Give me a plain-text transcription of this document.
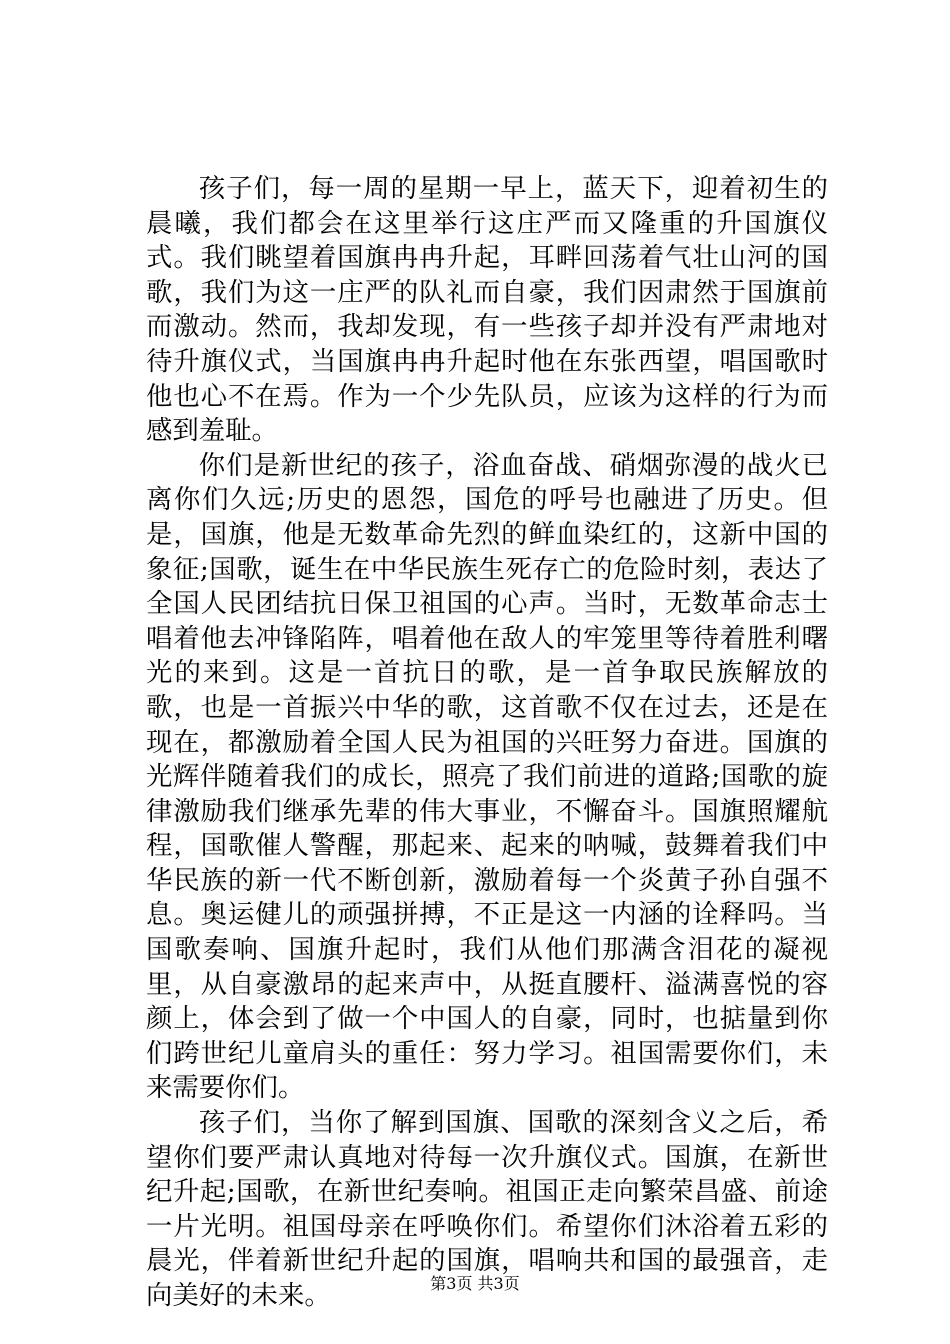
孩子们，每一周的星期一早上，蓝天下，迎着初生的晨曦，我们都会在这里举行这庄严而又隆重的升国旗仪式。我们眺望着国旗冉冉升起，耳畔回荡着气壮山河的国歌，我们为这一庄严的队礼而自豪，我们因肃然于国旗前而激动。然而，我却发现，有一些孩子却并没有严肃地对待升旗仪式，当国旗冉冉升起时他在东张西望，唱国歌时他也心不在焉。作为一个少先队员，应该为这样的行为而感到羞耻。

你们是新世纪的孩子，浴血奋战、硝烟弥漫的战火已离你们久远;历史的恩怨，国危的呼号也融进了历史。但是，国旗，他是无数革命先烈的鲜血染红的，这新中国的象征;国歌，诞生在中华民族生死存亡的危险时刻，表达了全国人民团结抗日保卫祖国的心声。当时，无数革命志士唱着他去冲锋陷阵，唱着他在敌人的牢笼里等待着胜利曙光的来到。这是一首抗日的歌，是一首争取民族解放的歌，也是一首振兴中华的歌，这首歌不仅在过去，还是在现在，都激励着全国人民为祖国的兴旺努力奋进。国旗的光辉伴随着我们的成长，照亮了我们前进的道路;国歌的旋律激励我们继承先辈的伟大事业，不懈奋斗。国旗照耀航程，国歌催人警醒，那起来、起来的呐喊，鼓舞着我们中华民族的新一代不断创新，激励着每一个炎黄子孙自强不息。奥运健儿的顽强拼搏，不正是这一内涵的诠释吗。当国歌奏响、国旗升起时，我们从他们那满含泪花的凝视里，从自豪激昂的起来声中，从挺直腰杆、溢满喜悦的容颜上，体会到了做一个中国人的自豪，同时，也掂量到你们跨世纪儿童肩头的重任：努力学习。祖国需要你们，未来需要你们。

孩子们，当你了解到国旗、国歌的深刻含义之后，希望你们要严肃认真地对待每一次升旗仪式。国旗，在新世纪升起;国歌，在新世纪奏响。祖国正走向繁荣昌盛、前途一片光明。祖国母亲在呼唤你们。希望你们沐浴着五彩的晨光，伴着新世纪升起的国旗，唱响共和国的最强音，走向美好的未来。	第3页 共3页
